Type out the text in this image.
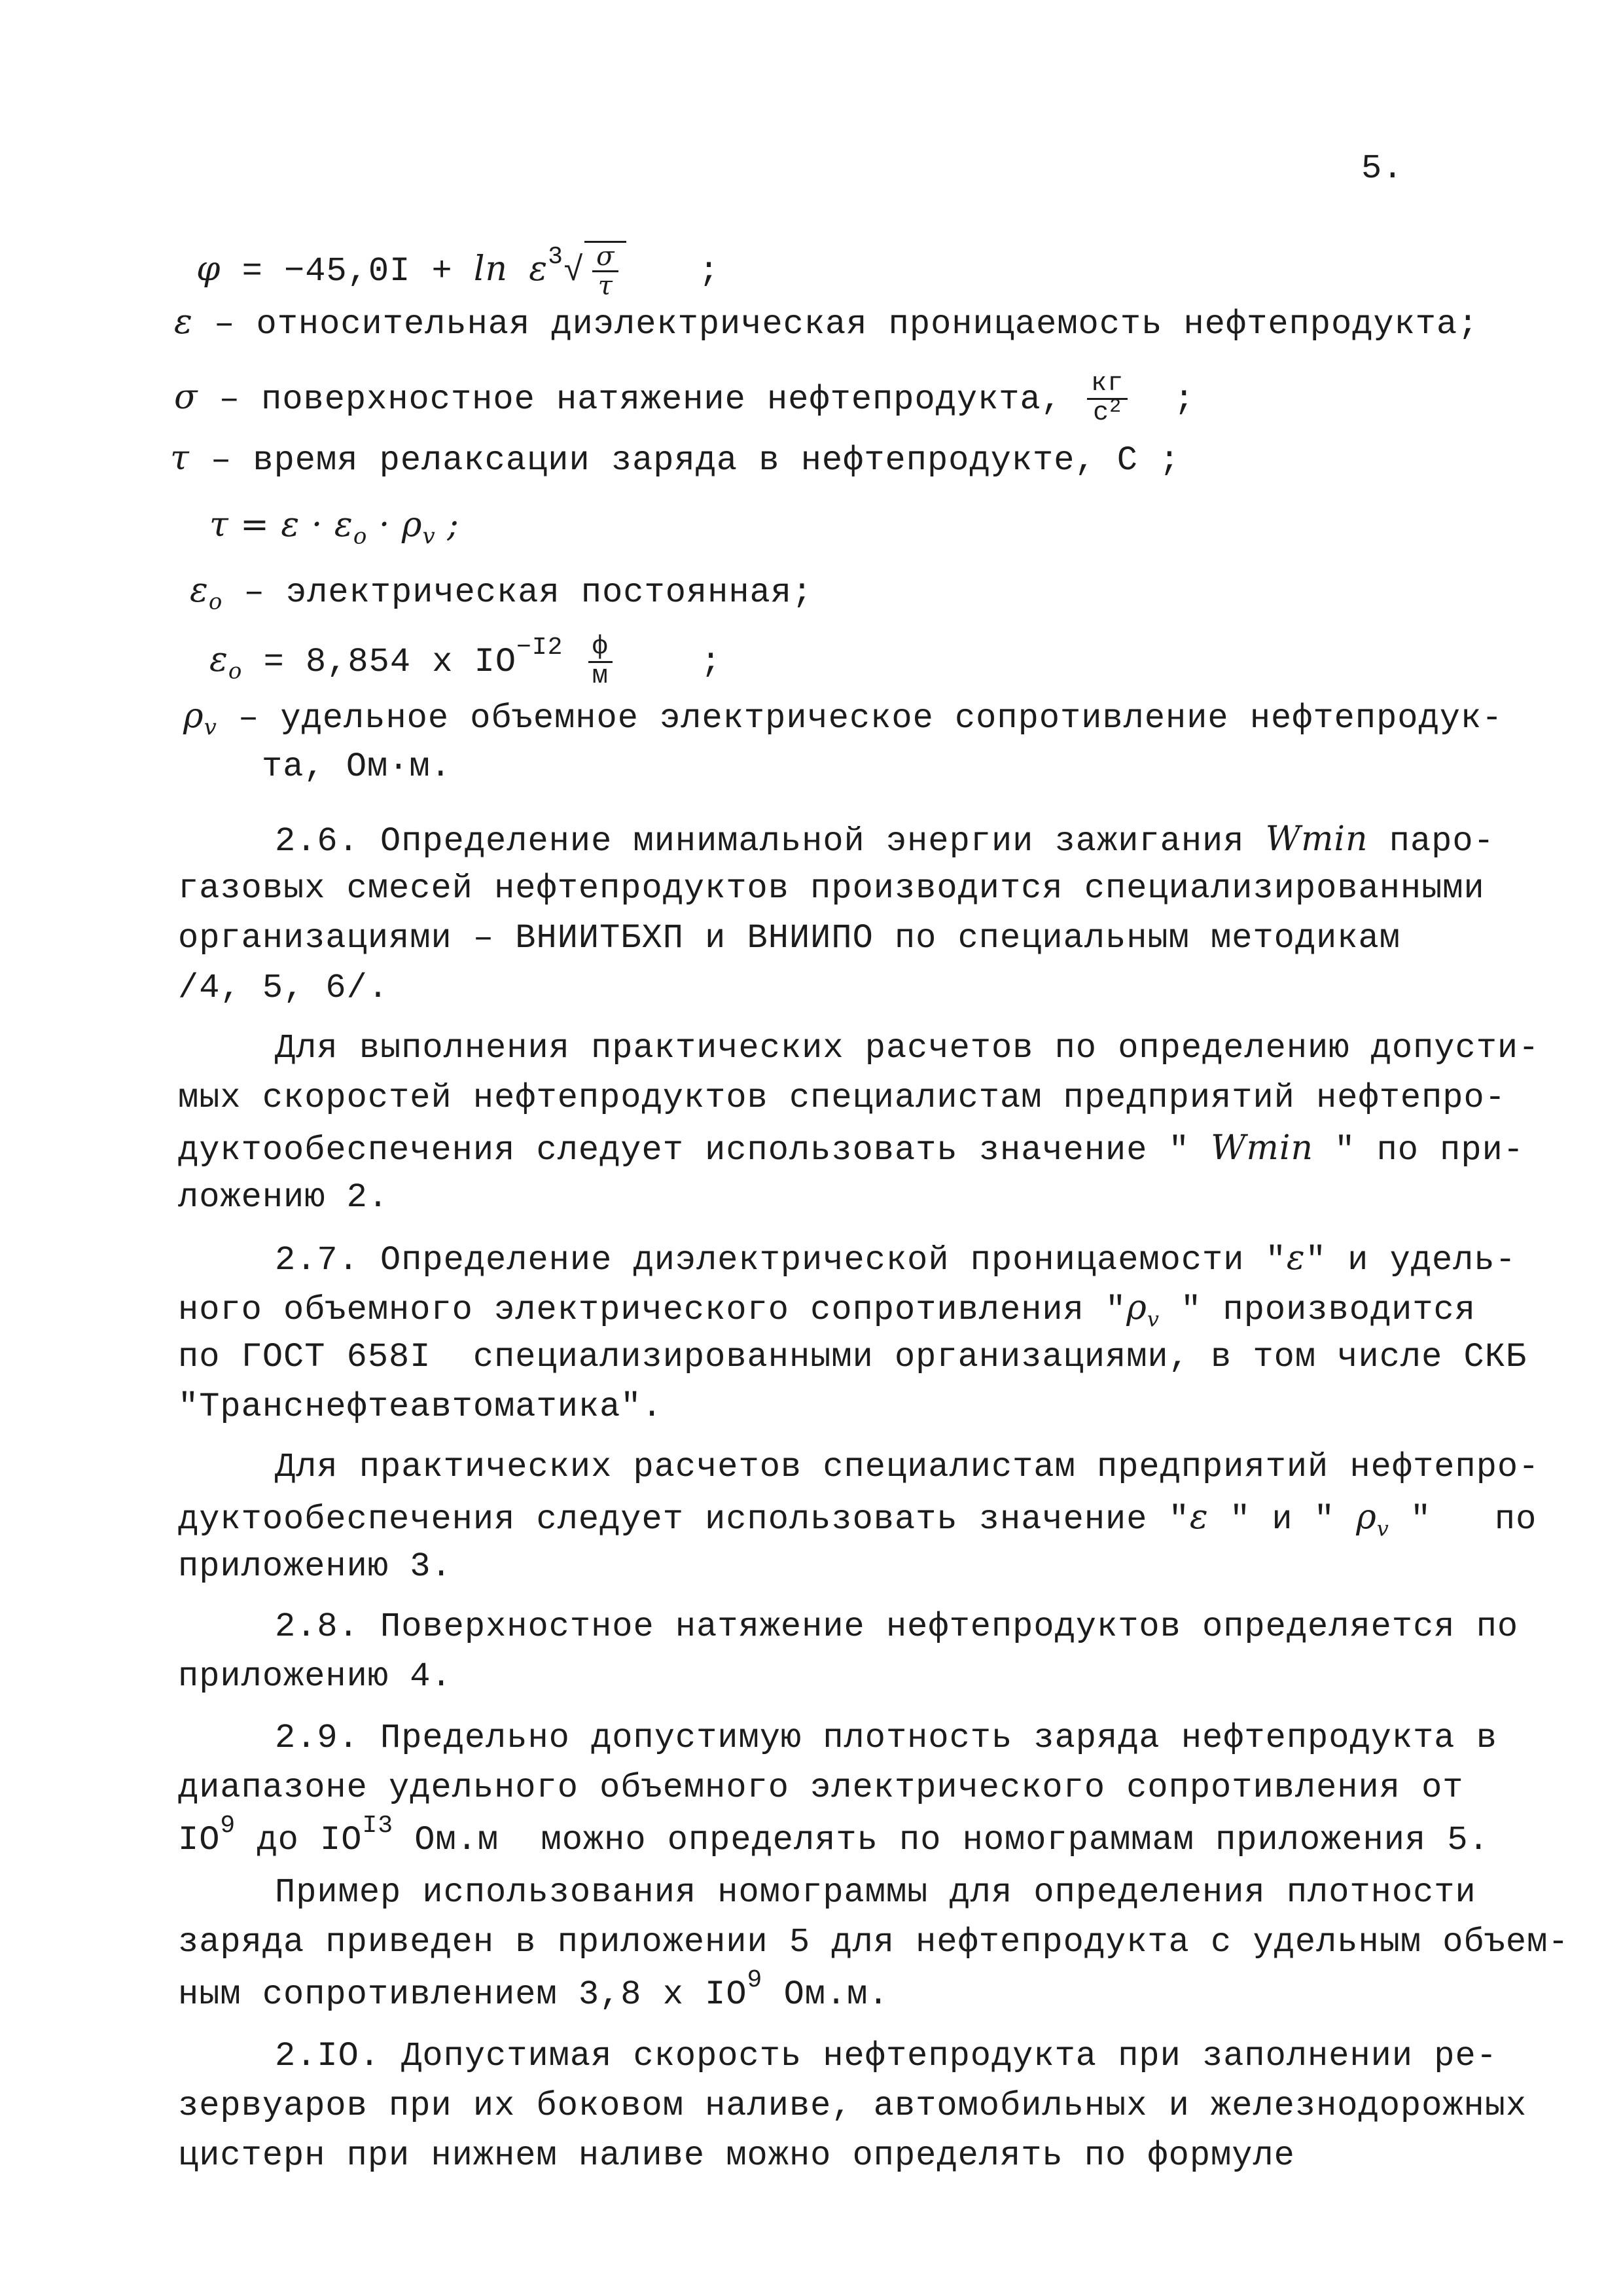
5.
$\varphi = -45,0I + \ln \varepsilon^3√ \frac{\sigma}{\tau}$ ;
ε – относительная диэлектрическая проницаемость нефтепродукта;
σ – поверхностное натяжение нефтепродукта, $\frac{кг}{с^2}$ ;
τ – время релаксации заряда в нефтепродукте, С ;
$\tau = \varepsilon \cdot \varepsilon_o \cdot \rho_v$ ;
$\varepsilon_o$ – электрическая постоянная;
$\varepsilon_o = 8,854$ x $IO^{-I2} \frac{ф}{м}$	;
$\rho_v$ – удельное объемное электрическое сопротивление нефтепродук-
та, Ом·м.
2.6. Определение минимальной энергии зажигания Wmin паро-
газовых смесей нефтепродуктов производится специализированными
организациями – ВНИИТБХП и ВНИИПО по специальным методикам
/4, 5, 6/.
Для выполнения практических расчетов по определению допусти-
мых скоростей нефтепродуктов специалистам предприятий нефтепро-
дуктообеспечения следует использовать значение " Wmin " по при-
ложению 2.
2.7. Определение диэлектрической проницаемости "ε" и удель-
ного объемного электрического сопротивления "$\rho_v$ " производится
по ГОСТ 658I  специализированными организациями, в том числе СКБ
"Транснефтеавтоматика".
Для практических расчетов специалистам предприятий нефтепро-
дуктообеспечения следует использовать значение "ε " и " $\rho_v$ "   по
приложению 3.
2.8. Поверхностное натяжение нефтепродуктов определяется по
приложению 4.
2.9. Предельно допустимую плотность заряда нефтепродукта в
диапазоне удельного объемного электрического сопротивления от
$IO^9$ до $IO^{I3}$ Ом.м  можно определять по номограммам приложения 5.
Пример использования номограммы для определения плотности
заряда приведен в приложении 5 для нефтепродукта с удельным объем-
ным сопротивлением 3,8 x $IO^9$ Ом.м.
2.IO. Допустимая скорость нефтепродукта при заполнении ре-
зервуаров при их боковом наливе, автомобильных и железнодорожных
цистерн при нижнем наливе можно определять по формуле
